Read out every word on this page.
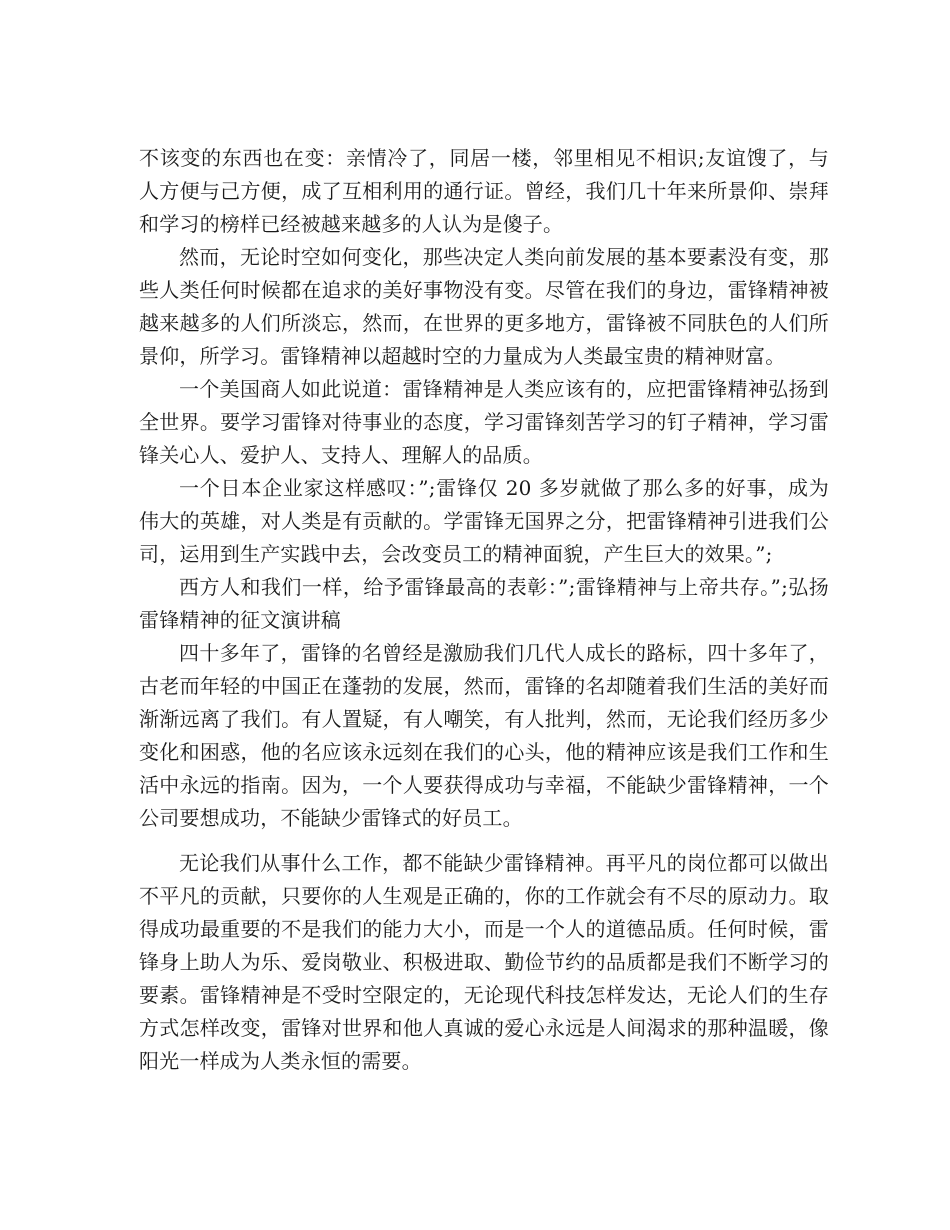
不该变的东西也在变：亲情冷了，同居一楼，邻里相见不相识;友谊馊了，与人方便与己方便，成了互相利用的通行证。曾经，我们几十年来所景仰、崇拜和学习的榜样已经被越来越多的人认为是傻子。

然而，无论时空如何变化，那些决定人类向前发展的基本要素没有变，那些人类任何时候都在追求的美好事物没有变。尽管在我们的身边，雷锋精神被越来越多的人们所淡忘，然而，在世界的更多地方，雷锋被不同肤色的人们所景仰，所学习。雷锋精神以超越时空的力量成为人类最宝贵的精神财富。

一个美国商人如此说道：雷锋精神是人类应该有的，应把雷锋精神弘扬到全世界。要学习雷锋对待事业的态度，学习雷锋刻苦学习的钉子精神，学习雷锋关心人、爱护人、支持人、理解人的品质。

一个日本企业家这样感叹：”;雷锋仅 20 多岁就做了那么多的好事，成为伟大的英雄，对人类是有贡献的。学雷锋无国界之分，把雷锋精神引进我们公司，运用到生产实践中去，会改变员工的精神面貌，产生巨大的效果。”;

西方人和我们一样，给予雷锋最高的表彰：”;雷锋精神与上帝共存。”;弘扬雷锋精神的征文演讲稿

四十多年了，雷锋的名曾经是激励我们几代人成长的路标，四十多年了，古老而年轻的中国正在蓬勃的发展，然而，雷锋的名却随着我们生活的美好而渐渐远离了我们。有人置疑，有人嘲笑，有人批判，然而，无论我们经历多少变化和困惑，他的名应该永远刻在我们的心头，他的精神应该是我们工作和生活中永远的指南。因为，一个人要获得成功与幸福，不能缺少雷锋精神，一个公司要想成功，不能缺少雷锋式的好员工。

无论我们从事什么工作，都不能缺少雷锋精神。再平凡的岗位都可以做出不平凡的贡献，只要你的人生观是正确的，你的工作就会有不尽的原动力。取得成功最重要的不是我们的能力大小，而是一个人的道德品质。任何时候，雷锋身上助人为乐、爱岗敬业、积极进取、勤俭节约的品质都是我们不断学习的要素。雷锋精神是不受时空限定的，无论现代科技怎样发达，无论人们的生存方式怎样改变，雷锋对世界和他人真诚的爱心永远是人间渴求的那种温暖，像阳光一样成为人类永恒的需要。
